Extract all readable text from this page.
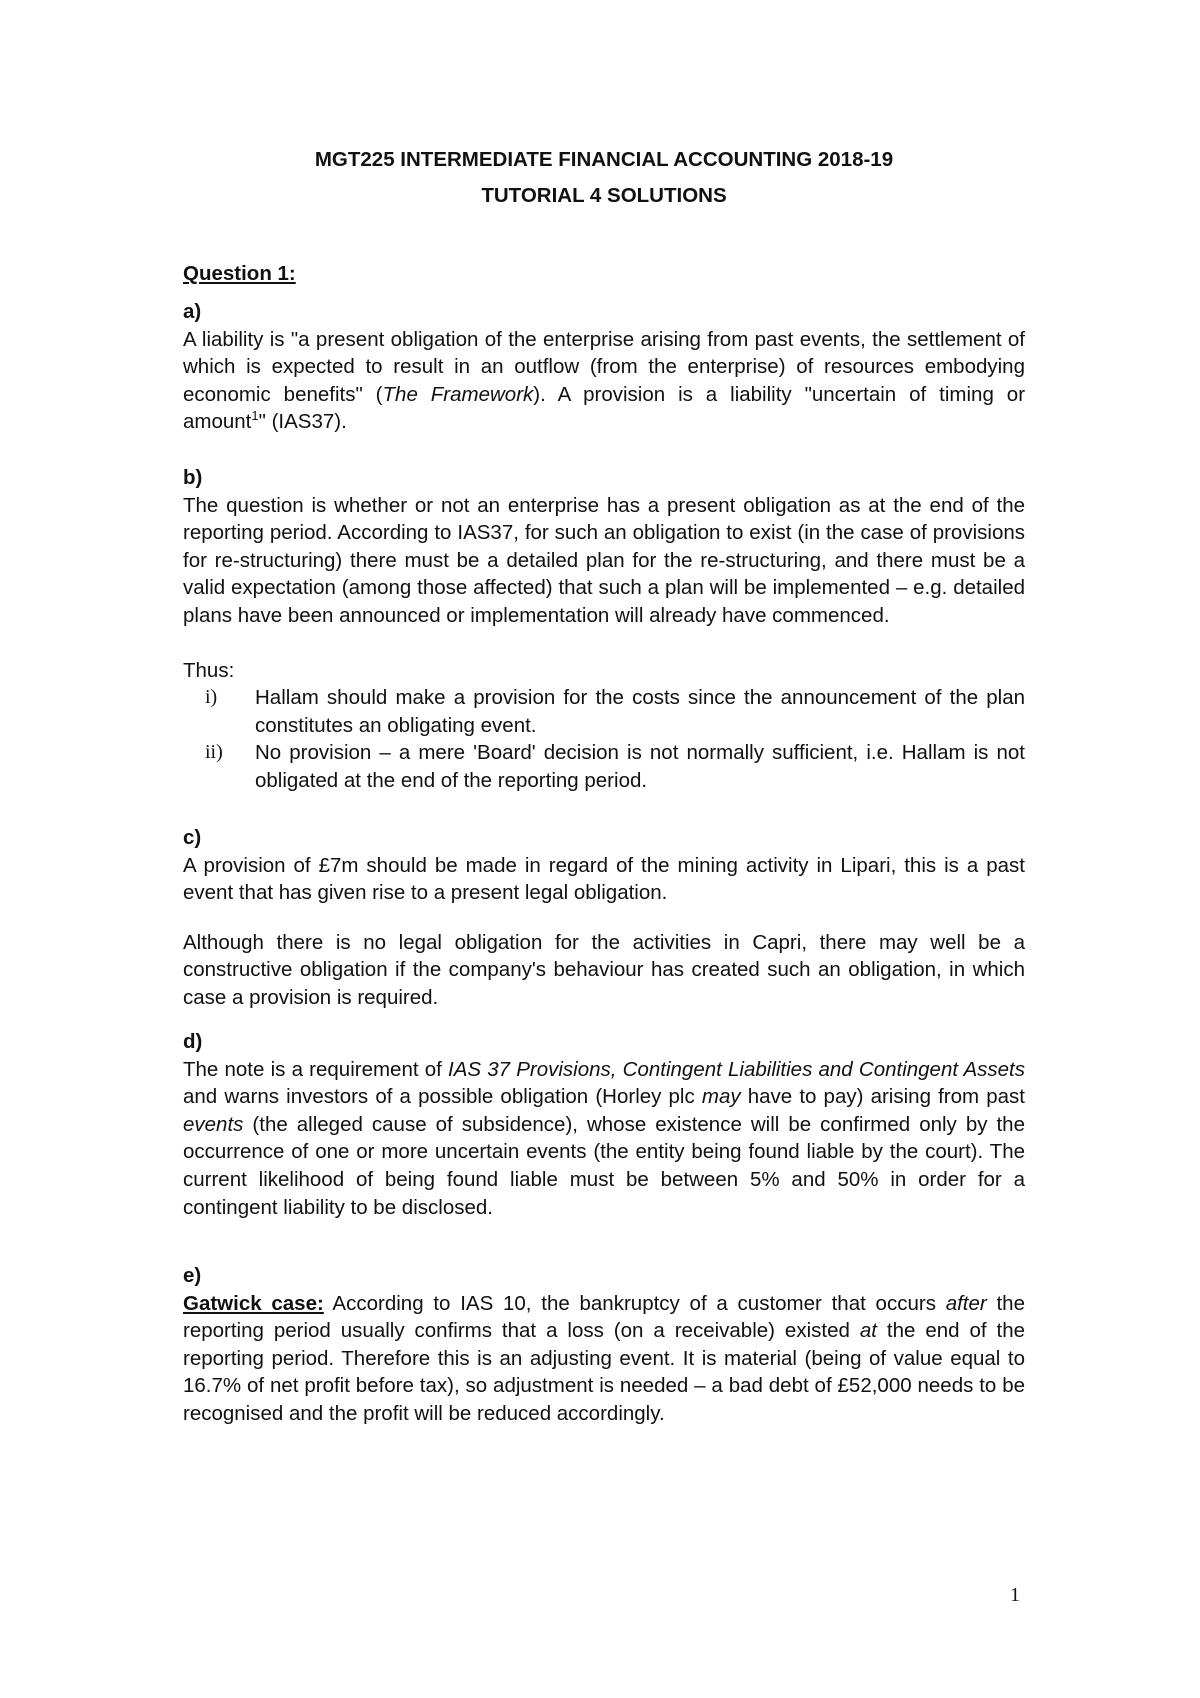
MGT225 INTERMEDIATE FINANCIAL ACCOUNTING 2018-19
TUTORIAL 4 SOLUTIONS
Question 1:
a)

A liability is "a present obligation of the enterprise arising from past events, the settlement of which is expected to result in an outflow (from the enterprise) of resources embodying economic benefits" (The Framework). A provision is a liability "uncertain of timing or amount$^1$" (IAS37).

b)

The question is whether or not an enterprise has a present obligation as at the end of the reporting period. According to IAS37, for such an obligation to exist (in the case of provisions for re-structuring) there must be a detailed plan for the re-structuring, and there must be a valid expectation (among those affected) that such a plan will be implemented – e.g. detailed plans have been announced or implementation will already have commenced.

Thus:

i) Hallam should make a provision for the costs since the announcement of the plan constitutes an obligating event.
ii) No provision – a mere 'Board' decision is not normally sufficient, i.e. Hallam is not obligated at the end of the reporting period.
c)

A provision of £7m should be made in regard of the mining activity in Lipari, this is a past event that has given rise to a present legal obligation.

Although there is no legal obligation for the activities in Capri, there may well be a constructive obligation if the company's behaviour has created such an obligation, in which case a provision is required.

d)

The note is a requirement of IAS 37 Provisions, Contingent Liabilities and Contingent Assets and warns investors of a possible obligation (Horley plc may have to pay) arising from past events (the alleged cause of subsidence), whose existence will be confirmed only by the occurrence of one or more uncertain events (the entity being found liable by the court). The current likelihood of being found liable must be between 5% and 50% in order for a contingent liability to be disclosed.

e)

Gatwick case: According to IAS 10, the bankruptcy of a customer that occurs after the reporting period usually confirms that a loss (on a receivable) existed at the end of the reporting period. Therefore this is an adjusting event. It is material (being of value equal to 16.7% of net profit before tax), so adjustment is needed – a bad debt of £52,000 needs to be recognised and the profit will be reduced accordingly.

1
